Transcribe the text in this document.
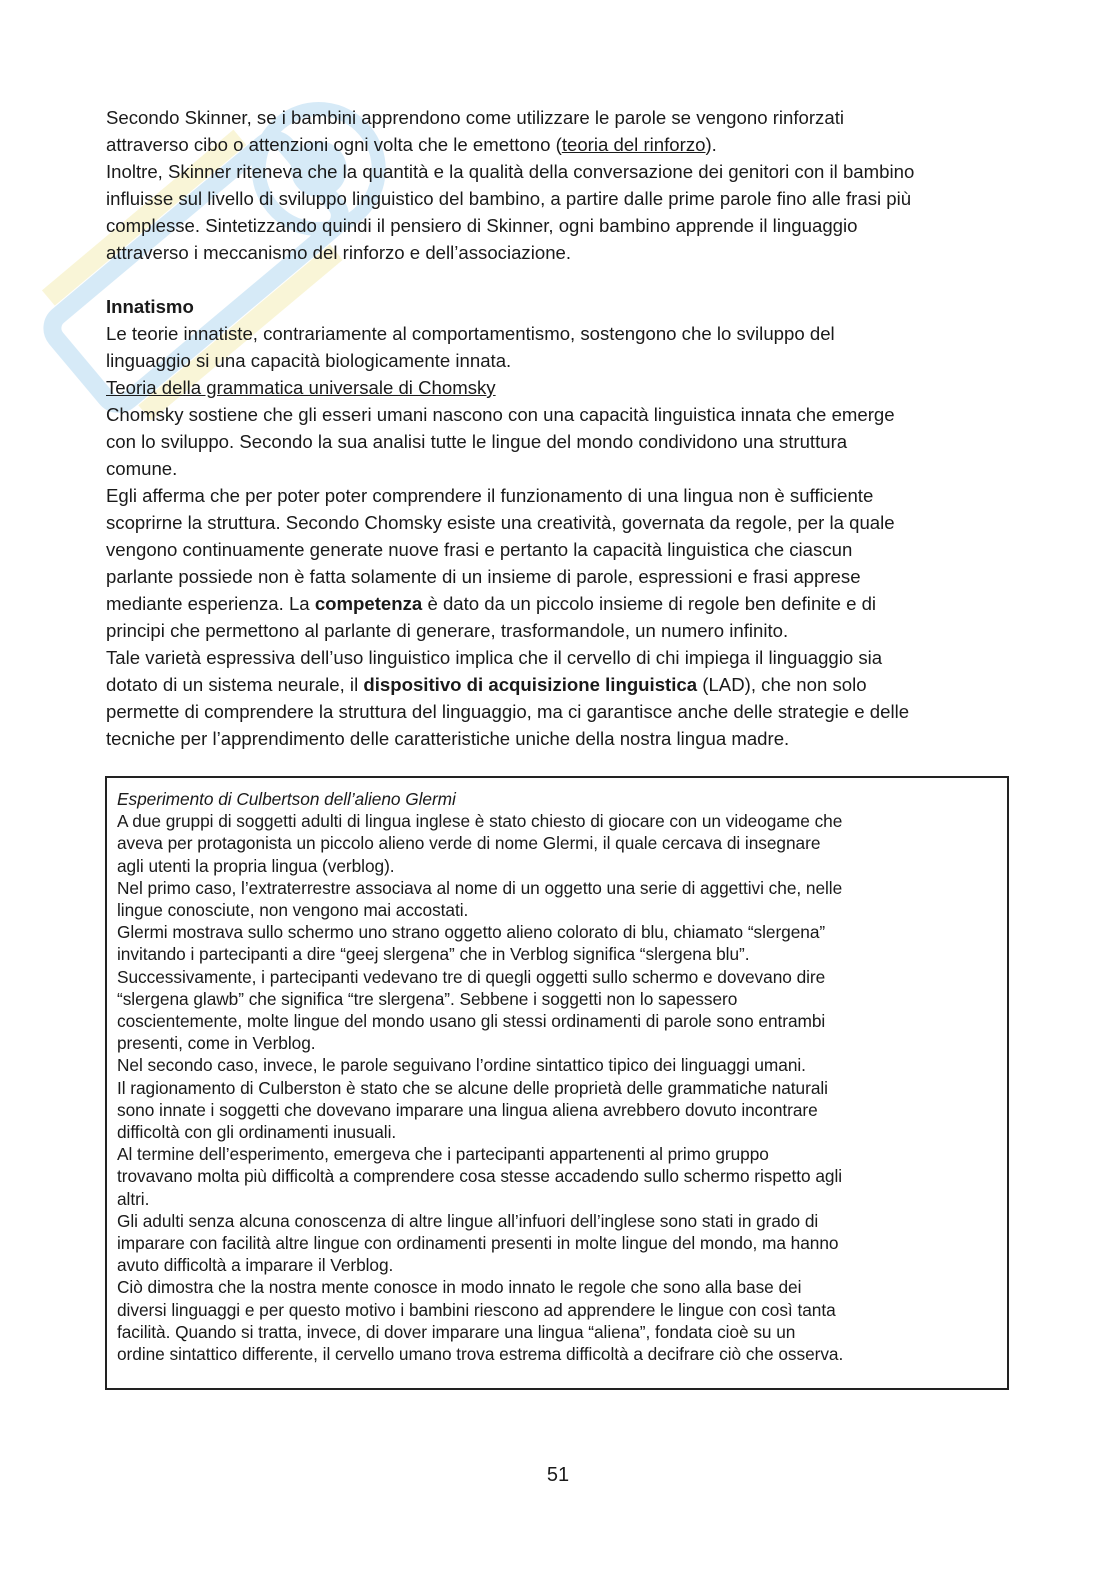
Secondo Skinner, se i bambini apprendono come utilizzare le parole se vengono rinforzati

attraverso cibo o attenzioni ogni volta che le emettono (teoria del rinforzo).

Inoltre, Skinner riteneva che la quantità e la qualità della conversazione dei genitori con il bambino

influisse sul livello di sviluppo linguistico del bambino, a partire dalle prime parole fino alle frasi più

complesse. Sintetizzando quindi il pensiero di Skinner, ogni bambino apprende il linguaggio

attraverso i meccanismo del rinforzo e dell’associazione.

Innatismo

Le teorie innatiste, contrariamente al comportamentismo, sostengono che lo sviluppo del

linguaggio si una capacità biologicamente innata.

Teoria della grammatica universale di Chomsky

Chomsky sostiene che gli esseri umani nascono con una capacità linguistica innata che emerge

con lo sviluppo. Secondo la sua analisi tutte le lingue del mondo condividono una struttura

comune.

Egli afferma che per poter poter comprendere il funzionamento di una lingua non è sufficiente

scoprirne la struttura. Secondo Chomsky esiste una creatività, governata da regole, per la quale

vengono continuamente generate nuove frasi e pertanto la capacità linguistica che ciascun

parlante possiede non è fatta solamente di un insieme di parole, espressioni e frasi apprese

mediante esperienza. La competenza è dato da un piccolo insieme di regole ben definite e di

principi che permettono al parlante di generare, trasformandole, un numero infinito.

Tale varietà espressiva dell’uso linguistico implica che il cervello di chi impiega il linguaggio sia

dotato di un sistema neurale, il dispositivo di acquisizione linguistica (LAD), che non solo

permette di comprendere la struttura del linguaggio, ma ci garantisce anche delle strategie e delle

tecniche per l’apprendimento delle caratteristiche uniche della nostra lingua madre.

Esperimento di Culbertson dell’alieno Glermi

A due gruppi di soggetti adulti di lingua inglese è stato chiesto di giocare con un videogame che

aveva per protagonista un piccolo alieno verde di nome Glermi, il quale cercava di insegnare

agli utenti la propria lingua (verblog).

Nel primo caso, l’extraterrestre associava al nome di un oggetto una serie di aggettivi che, nelle

lingue conosciute, non vengono mai accostati.

Glermi mostrava sullo schermo uno strano oggetto alieno colorato di blu, chiamato “slergena”

invitando i partecipanti a dire “geej slergena” che in Verblog significa “slergena blu”.

Successivamente, i partecipanti vedevano tre di quegli oggetti sullo schermo e dovevano dire

“slergena glawb” che significa “tre slergena”. Sebbene i soggetti non lo sapessero

coscientemente, molte lingue del mondo usano gli stessi ordinamenti di parole sono entrambi

presenti, come in Verblog.

Nel secondo caso, invece, le parole seguivano l’ordine sintattico tipico dei linguaggi umani.

Il ragionamento di Culberston è stato che se alcune delle proprietà delle grammatiche naturali

sono innate i soggetti che dovevano imparare una lingua aliena avrebbero dovuto incontrare

difficoltà con gli ordinamenti inusuali.

Al termine dell’esperimento, emergeva che i partecipanti appartenenti al primo gruppo

trovavano molta più difficoltà a comprendere cosa stesse accadendo sullo schermo rispetto agli

altri.

Gli adulti senza alcuna conoscenza di altre lingue all’infuori dell’inglese sono stati in grado di

imparare con facilità altre lingue con ordinamenti presenti in molte lingue del mondo, ma hanno

avuto difficoltà a imparare il Verblog.

Ciò dimostra che la nostra mente conosce in modo innato le regole che sono alla base dei

diversi linguaggi e per questo motivo i bambini riescono ad apprendere le lingue con così tanta

facilità. Quando si tratta, invece, di dover imparare una lingua “aliena”, fondata cioè su un

ordine sintattico differente, il cervello umano trova estrema difficoltà a decifrare ciò che osserva.

51
